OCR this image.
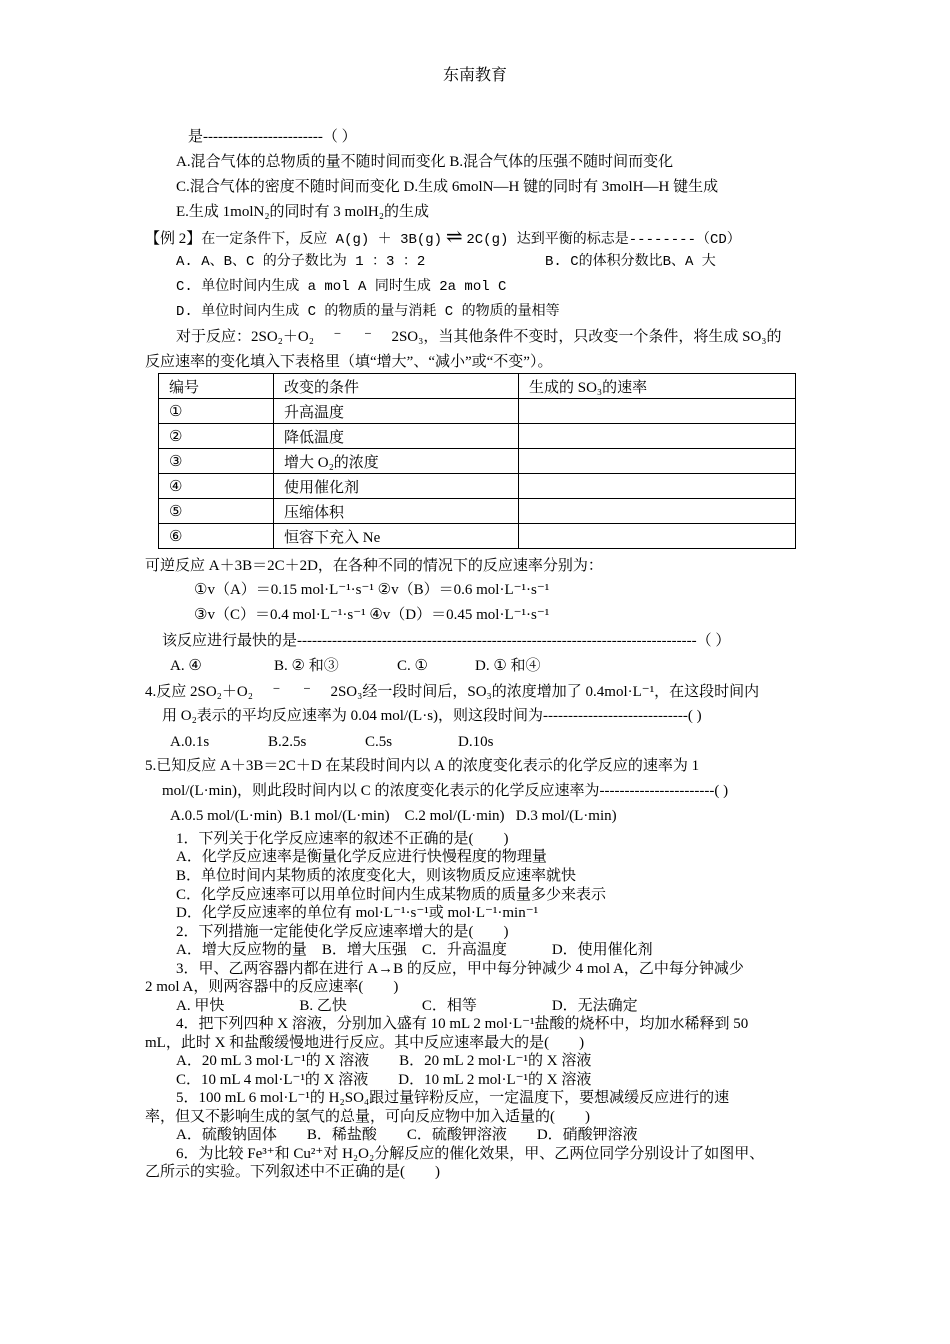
东南教育
是------------------------（ ）
A.混合气体的总物质的量不随时间而变化 B.混合气体的压强不随时间而变化
C.混合气体的密度不随时间而变化 D.生成 6molN—H 键的同时有 3molH—H 键生成
E.生成 1molN₂的同时有 3 molH₂的生成
【例 2】在一定条件下，反应 A(g) ＋ 3B(g) ⇌ 2C(g) 达到平衡的标志是--------（CD）
A. A、B、C 的分子数比为 1 ：3 ：2	B. C的体积分数比B、A 大
C. 单位时间内生成 a mol A 同时生成 2a mol C
D. 单位时间内生成 C 的物质的量与消耗 C 的物质的量相等
对于反应：2SO₂＋O₂ ⁻      ⁻ 2SO₃，当其他条件不变时，只改变一个条件，将生成 SO₃的
反应速率的变化填入下表格里（填“增大”、“减小”或“不变”）。
编号	改变的条件	生成的 SO₃的速率
①	升高温度	
②	降低温度	
③	增大 O₂的浓度	
④	使用催化剂	
⑤	压缩体积	
⑥	恒容下充入 Ne	
可逆反应 A＋3B＝2C＋2D，在各种不同的情况下的反应速率分别为：
①v（A）＝0.15 mol·L⁻¹·s⁻¹ ②v（B）＝0.6 mol·L⁻¹·s⁻¹
③v（C）＝0.4 mol·L⁻¹·s⁻¹ ④v（D）＝0.45 mol·L⁻¹·s⁻¹
该反应进行最快的是--------------------------------------------------------------------------------（ ）
A. ④	B. ② 和③	C. ①	D. ① 和④
4.反应 2SO₂＋O₂ ⁻      ⁻ 2SO₃经一段时间后，SO₃的浓度增加了 0.4mol·L⁻¹，在这段时间内
用 O₂表示的平均反应速率为 0.04 mol/(L·s)，则这段时间为-----------------------------( )
A.0.1s	B.2.5s	C.5s	D.10s
5.已知反应 A＋3B＝2C＋D 在某段时间内以 A 的浓度变化表示的化学反应的速率为 1
mol/(L·min)，则此段时间内以 C 的浓度变化表示的化学反应速率为-----------------------( )
A.0.5 mol/(L·min)  B.1 mol/(L·min)    C.2 mol/(L·min)   D.3 mol/(L·min)
1．下列关于化学反应速率的叙述不正确的是(　　)
A．化学反应速率是衡量化学反应进行快慢程度的物理量
B．单位时间内某物质的浓度变化大，则该物质反应速率就快
C．化学反应速率可以用单位时间内生成某物质的质量多少来表示
D．化学反应速率的单位有 mol·L⁻¹·s⁻¹或 mol·L⁻¹·min⁻¹
2．下列措施一定能使化学反应速率增大的是(　　)
A．增大反应物的量　B．增大压强　C．升高温度　　　D．使用催化剂
3．甲、乙两容器内都在进行 A→B 的反应，甲中每分钟减少 4 mol A，乙中每分钟减少
2 mol A，则两容器中的反应速率(　　)
A. 甲快　　　　　B. 乙快　　　　　C．相等　　　　　D．无法确定
4．把下列四种 X 溶液，分别加入盛有 10 mL 2 mol·L⁻¹盐酸的烧杯中，均加水稀释到 50
mL，此时 X 和盐酸缓慢地进行反应。其中反应速率最大的是(　　)
A．20 mL 3 mol·L⁻¹的 X 溶液　　B．20 mL 2 mol·L⁻¹的 X 溶液
C．10 mL 4 mol·L⁻¹的 X 溶液　　D．10 mL 2 mol·L⁻¹的 X 溶液
5．100 mL 6 mol·L⁻¹的 H₂SO₄跟过量锌粉反应，一定温度下，要想减缓反应进行的速
率，但又不影响生成的氢气的总量，可向反应物中加入适量的(　　)
A．硫酸钠固体　　B．稀盐酸　　C．硫酸钾溶液　　D．硝酸钾溶液
6．为比较 Fe³⁺和 Cu²⁺对 H₂O₂分解反应的催化效果，甲、乙两位同学分别设计了如图甲、
乙所示的实验。下列叙述中不正确的是(　　)
